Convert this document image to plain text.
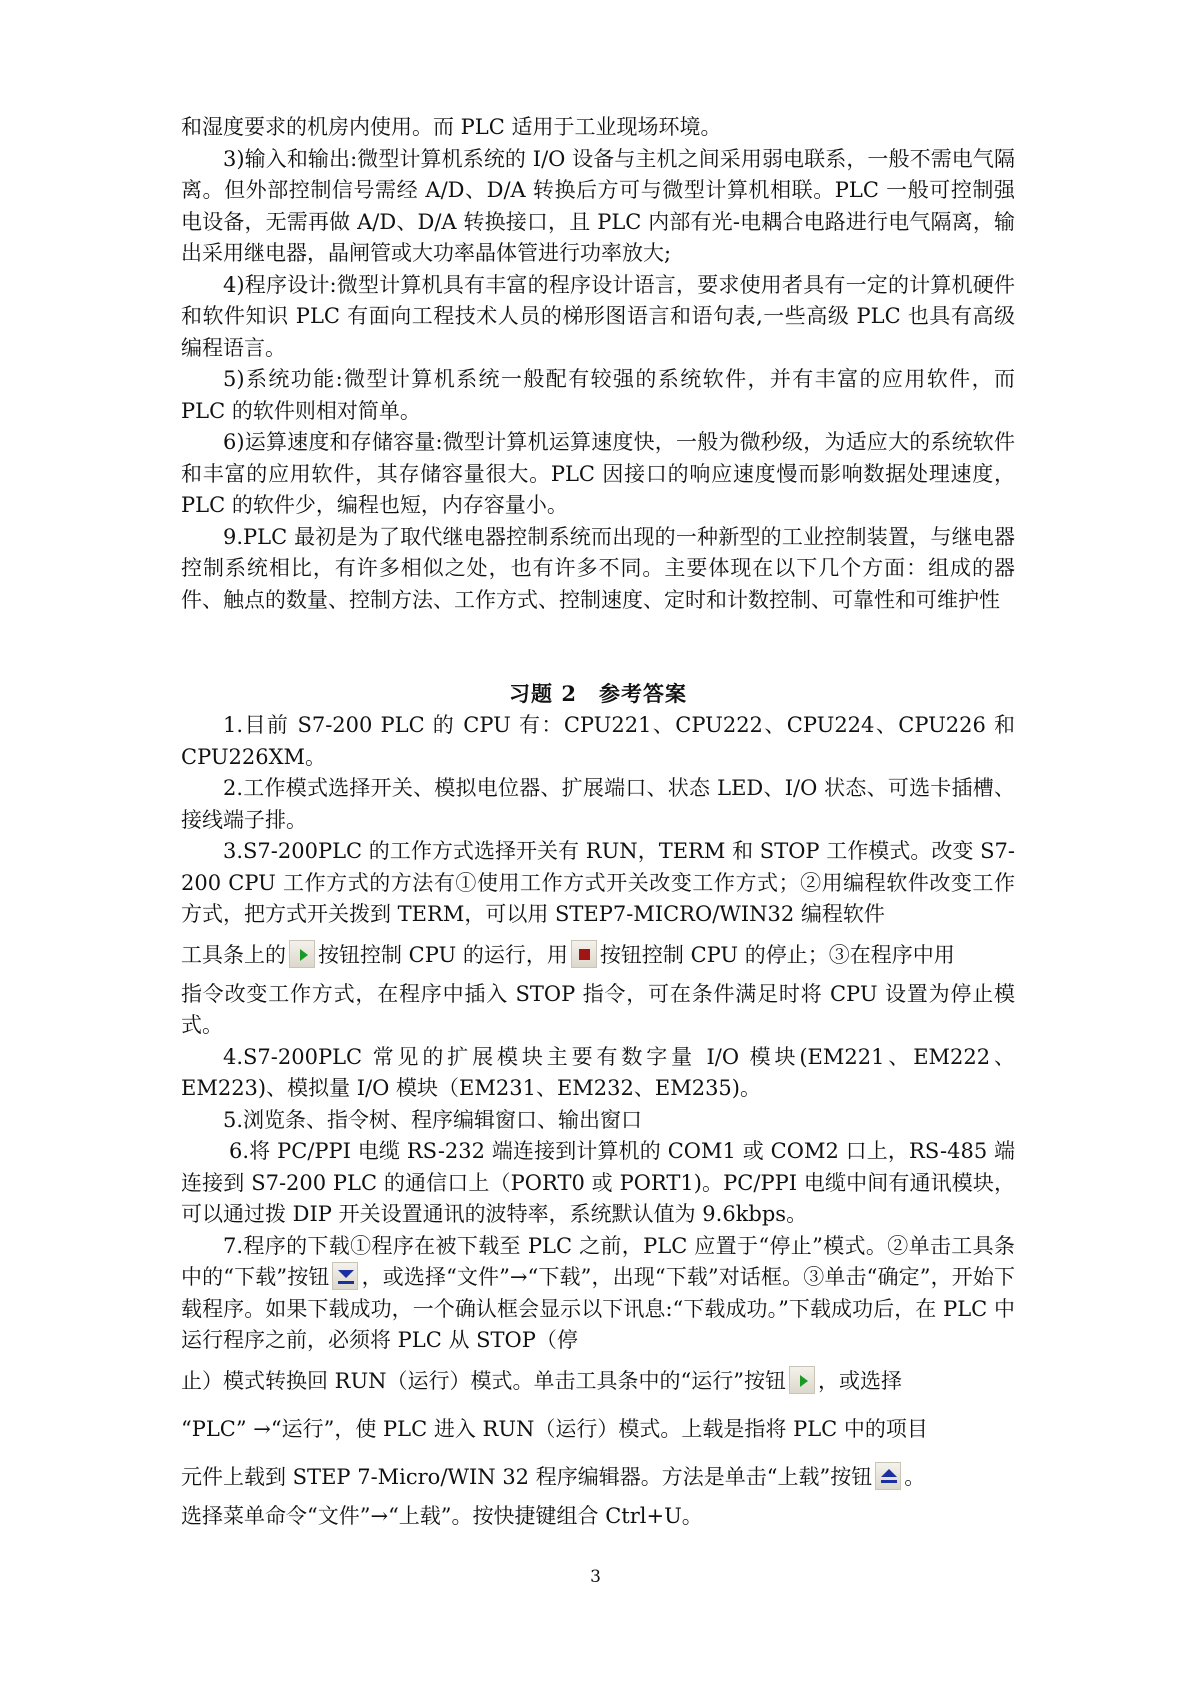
和湿度要求的机房内使用。而 PLC 适用于工业现场环境。

3)输入和输出:微型计算机系统的 I/O 设备与主机之间采用弱电联系，一般不需电气隔离。但外部控制信号需经 A/D、D/A 转换后方可与微型计算机相联。PLC 一般可控制强电设备，无需再做 A/D、D/A 转换接口，且 PLC 内部有光-电耦合电路进行电气隔离，输出采用继电器，晶闸管或大功率晶体管进行功率放大;

4)程序设计:微型计算机具有丰富的程序设计语言，要求使用者具有一定的计算机硬件和软件知识 PLC 有面向工程技术人员的梯形图语言和语句表,一些高级 PLC 也具有高级编程语言。

5)系统功能:微型计算机系统一般配有较强的系统软件，并有丰富的应用软件，而 PLC 的软件则相对简单。

6)运算速度和存储容量:微型计算机运算速度快，一般为微秒级，为适应大的系统软件和丰富的应用软件，其存储容量很大。PLC 因接口的响应速度慢而影响数据处理速度，PLC 的软件少，编程也短，内存容量小。

9.PLC 最初是为了取代继电器控制系统而出现的一种新型的工业控制装置，与继电器控制系统相比，有许多相似之处，也有许多不同。主要体现在以下几个方面：组成的器件、触点的数量、控制方法、工作方式、控制速度、定时和计数控制、可靠性和可维护性

习题 2　参考答案

1.目前 S7-200 PLC 的 CPU 有：CPU221、CPU222、CPU224、CPU226 和 CPU226XM。

2.工作模式选择开关、模拟电位器、扩展端口、状态 LED、I/O 状态、可选卡插槽、接线端子排。

3.S7-200PLC 的工作方式选择开关有 RUN，TERM 和 STOP 工作模式。改变 S7-200 CPU 工作方式的方法有①使用工作方式开关改变工作方式；②用编程软件改变工作方式，把方式开关拨到 TERM，可以用 STEP7-MICRO/WIN32 编程软件

工具条上的 按钮控制 CPU 的运行，用 按钮控制 CPU 的停止；③在程序中用

指令改变工作方式，在程序中插入 STOP 指令，可在条件满足时将 CPU 设置为停止模式。

4.S7-200PLC 常见的扩展模块主要有数字量 I/O 模块(EM221、EM222、EM223)、模拟量 I/O 模块（EM231、EM232、EM235)。

5.浏览条、指令树、程序编辑窗口、输出窗口

6.将 PC/PPI 电缆 RS-232 端连接到计算机的 COM1 或 COM2 口上，RS-485 端连接到 S7-200 PLC 的通信口上（PORT0 或 PORT1)。PC/PPI 电缆中间有通讯模块，可以通过拨 DIP 开关设置通讯的波特率，系统默认值为 9.6kbps。

7.程序的下载①程序在被下载至 PLC 之前，PLC 应置于“停止”模式。②单击工具条中的“下载”按钮 ，或选择“文件”→“下载”，出现“下载”对话框。③单击“确定”，开始下载程序。如果下载成功，一个确认框会显示以下讯息:“下载成功。”下载成功后，在 PLC 中运行程序之前，必须将 PLC 从 STOP（停

止）模式转换回 RUN（运行）模式。单击工具条中的“运行”按钮 ，或选择

“PLC” →“运行”，使 PLC 进入 RUN（运行）模式。上载是指将 PLC 中的项目

元件上载到 STEP 7-Micro/WIN 32 程序编辑器。方法是单击“上载”按钮 。

选择菜单命令“文件”→“上载”。按快捷键组合 Ctrl+U。

3
